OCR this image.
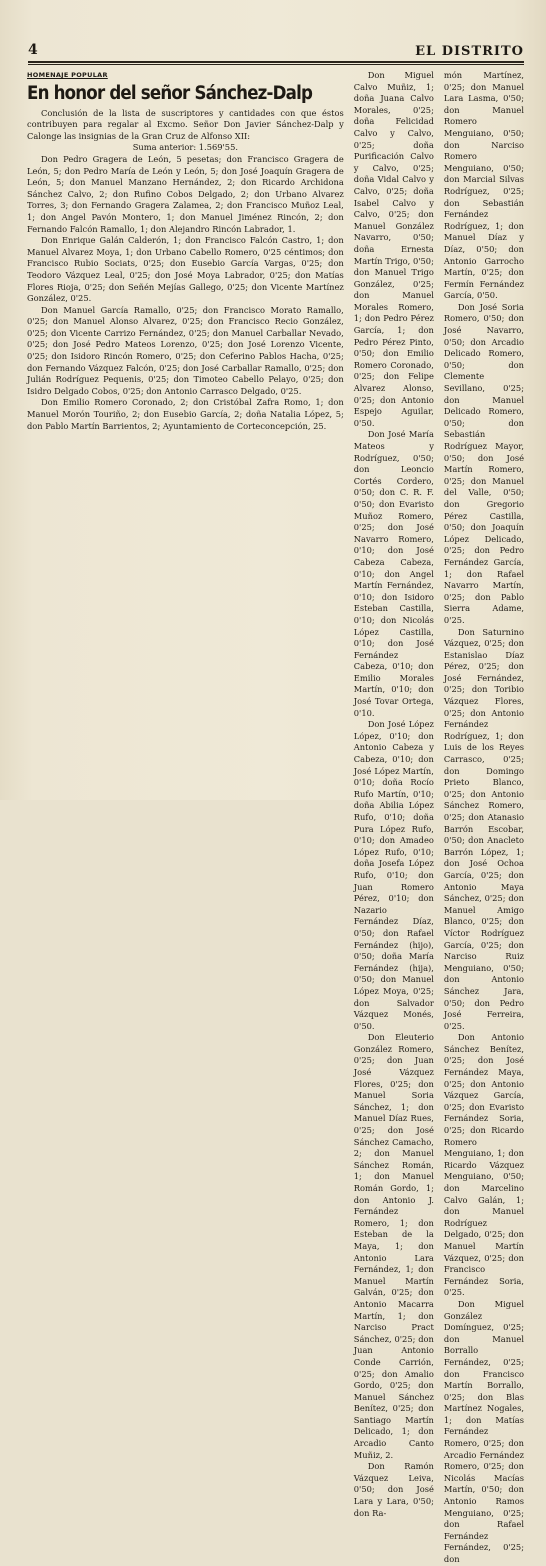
4	EL DISTRITO
HOMENAJE POPULAR
En honor del señor Sánchez-Dalp

Conclusión de la lista de suscriptores y cantidades con que éstos contribuyen para regalar al Excmo. Señor Don Javier Sánchez-Dalp y Calonge las insignias de la Gran Cruz de Alfonso XII:

Suma anterior: 1.569'55.

Don Pedro Gragera de León, 5 pesetas; don Francisco Gragera de León, 5; don Pedro María de León y León, 5; don José Joaquín Gragera de León, 5; don Manuel Manzano Hernández, 2; don Ricardo Archidona Sánchez Calvo, 2; don Rufino Cobos Delgado, 2; don Urbano Alvarez Torres, 3; don Fernando Gragera Zalamea, 2; don Francisco Muñoz Leal, 1; don Angel Pavón Montero, 1; don Manuel Jiménez Rincón, 2; don Fernando Falcón Ramallo, 1; don Alejandro Rincón Labrador, 1.

Don Enrique Galán Calderón, 1; don Francisco Falcón Castro, 1; don Manuel Alvarez Moya, 1; don Urbano Cabello Romero, 0'25 céntimos; don Francisco Rubio Sociats, 0'25; don Eusebio García Vargas, 0'25; don Teodoro Vázquez Leal, 0'25; don José Moya Labrador, 0'25; don Matías Flores Rioja, 0'25; don Señén Mejías Gallego, 0'25; don Vicente Martínez González, 0'25.

Don Manuel García Ramallo, 0'25; don Francisco Morato Ramallo, 0'25; don Manuel Alonso Alvarez, 0'25; don Francisco Recio González, 0'25; don Vicente Carrizo Fernández, 0'25; don Manuel Carballar Nevado, 0'25; don José Pedro Mateos Lorenzo, 0'25; don José Lorenzo Vicente, 0'25; don Isidoro Rincón Romero, 0'25; don Ceferino Pablos Hacha, 0'25; don Fernando Vázquez Falcón, 0'25; don José Carballar Ramallo, 0'25; don Julián Rodríguez Pequenis, 0'25; don Timoteo Cabello Pelayo, 0'25; don Isidro Delgado Cobos, 0'25; don Antonio Carrasco Delgado, 0'25.

Don Emilio Romero Coronado, 2; don Cristóbal Zafra Romo, 1; don Manuel Morón Touriño, 2; don Eusebio García, 2; doña Natalia López, 5; don Pablo Martín Barrientos, 2; Ayuntamiento de Corteconcepción, 25.

Don Miguel Calvo Muñiz, 1; doña Juana Calvo Morales, 0'25; doña Felicidad Calvo y Calvo, 0'25; doña Purificación Calvo y Calvo, 0'25; doña Vidal Calvo y Calvo, 0'25; doña Isabel Calvo y Calvo, 0'25; don Manuel González Navarro, 0'50; doña Ernesta Martín Trigo, 0'50; don Manuel Trigo González, 0'25; don Manuel Morales Romero, 1; don Pedro Pérez García, 1; don Pedro Pérez Pinto, 0'50; don Emilio Romero Coronado, 0'25; don Felipe Alvarez Alonso, 0'25; don Antonio Espejo Aguilar, 0'50.

Don José María Mateos y Rodríguez, 0'50; don Leoncio Cortés Cordero, 0'50; don C. R. F. 0'50; don Evaristo Muñoz Romero, 0'25; don José Navarro Romero, 0'10; don José Cabeza Cabeza, 0'10; don Angel Martín Fernández, 0'10; don Isidoro Esteban Castilla, 0'10; don Nicolás López Castilla, 0'10; don José Fernández Cabeza, 0'10; don Emilio Morales Martín, 0'10; don José Tovar Ortega, 0'10.

Don José López López, 0'10; don Antonio Cabeza y Cabeza, 0'10; don José López Martín, 0'10; doña Rocío Rufo Martín, 0'10; doña Abilia López Rufo, 0'10; doña Pura López Rufo, 0'10; don Amadeo López Rufo, 0'10; doña Josefa López Rufo, 0'10; don Juan Romero Pérez, 0'10; don Nazario Fernández Díaz, 0'50; don Rafael Fernández (hijo), 0'50; doña María Fernández (hija), 0'50; don Manuel López Moya, 0'25; don Salvador Vázquez Monés, 0'50.

Don Eleuterio González Romero, 0'25; don Juan José Vázquez Flores, 0'25; don Manuel Soria Sánchez, 1; don Manuel Díaz Rues, 0'25; don José Sánchez Camacho, 2; don Manuel Sánchez Román, 1; don Manuel Román Gordo, 1; don Antonio J. Fernández Romero, 1; don Esteban de la Maya, 1; don Antonio Lara Fernández, 1; don Manuel Martín Galván, 0'25; don Antonio Macarra Martín, 1; don Narciso Pract Sánchez, 0'25; don Juan Antonio Conde Carrión, 0'25; don Amalio Gordo, 0'25; don Manuel Sánchez Benítez, 0'25; don Santiago Martín Delicado, 1; don Arcadio Canto Muñiz, 2.

Don Ramón Vázquez Leiva, 0'50; don José Lara y Lara, 0'50; don Ra-

món Martínez, 0'25; don Manuel Lara Lasma, 0'50; don Manuel Romero Menguiano, 0'50; don Narciso Romero Menguiano, 0'50; don Marcial Silvas Rodríguez, 0'25; don Sebastián Fernández Rodríguez, 1; don Manuel Díaz y Díaz, 0'50; don Antonio Garrocho Martín, 0'25; don Fermín Fernández García, 0'50.

Don José Soria Romero, 0'50; don José Navarro, 0'50; don Arcadio Delicado Romero, 0'50; don Clemente Sevillano, 0'25; don Manuel Delicado Romero, 0'50; don Sebastián Rodríguez Mayor, 0'50; don José Martín Romero, 0'25; don Manuel del Valle, 0'50; don Gregorio Pérez Castilla, 0'50; don Joaquín López Delicado, 0'25; don Pedro Fernández García, 1; don Rafael Navarro Martín, 0'25; don Pablo Sierra Adame, 0'25.

Don Saturnino Vázquez, 0'25; don Estanislao Díaz Pérez, 0'25; don José Fernández, 0'25; don Toribio Vázquez Flores, 0'25; don Antonio Fernández Rodríguez, 1; don Luis de los Reyes Carrasco, 0'25; don Domingo Prieto Blanco, 0'25; don Antonio Sánchez Romero, 0'25; don Atanasio Barrón Escobar, 0'50; don Anacleto Barrón López, 1; don José Ochoa García, 0'25; don Antonio Maya Sánchez, 0'25; don Manuel Amigo Blanco, 0'25; don Víctor Rodríguez García, 0'25; don Narciso Ruiz Menguiano, 0'50; don Antonio Sánchez Jara, 0'50; don Pedro José Ferreira, 0'25.

Don Antonio Sánchez Benítez, 0'25; don José Fernández Maya, 0'25; don Antonio Vázquez García, 0'25; don Evaristo Fernández Soria, 0'25; don Ricardo Romero Menguiano, 1; don Ricardo Vázquez Menguiano, 0'50; don Marcelino Calvo Galán, 1; don Manuel Rodríguez Delgado, 0'25; don Manuel Martín Vázquez, 0'25; don Francisco Fernández Soria, 0'25.

Don Miguel González Domínguez, 0'25; don Manuel Borrallo Fernández, 0'25; don Francisco Martín Borrallo, 0'25; don Blas Martínez Nogales, 1; don Matías Fernández Romero, 0'25; don Arcadio Fernández Romero, 0'25; don Nicolás Macías Martín, 0'50; don Antonio Ramos Menguiano, 0'25; don Rafael Fernández Fernández, 0'25; don
